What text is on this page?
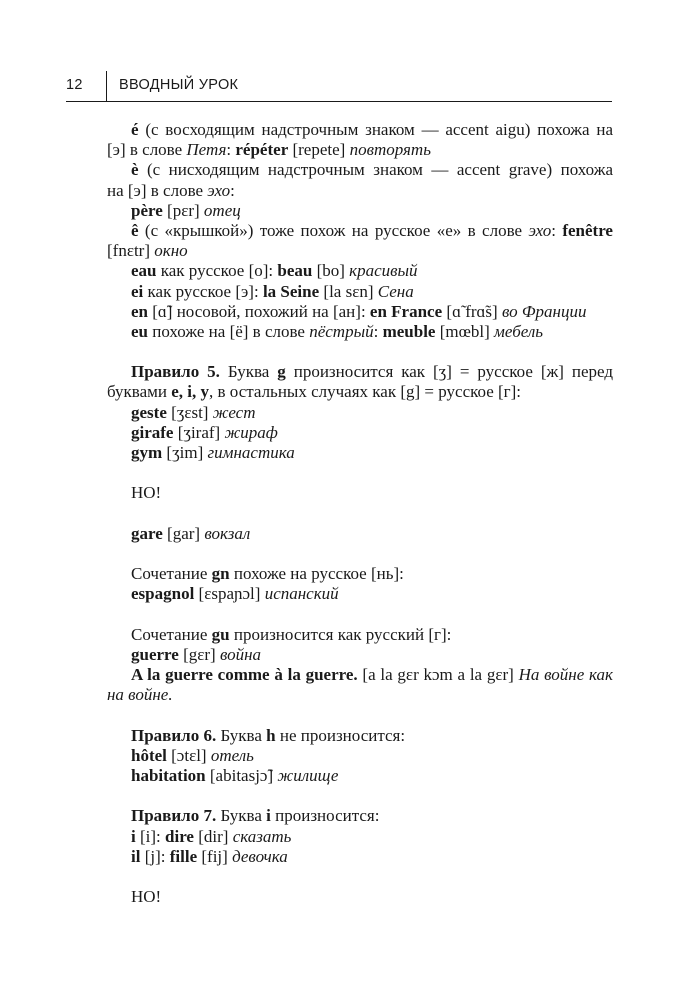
12	ВВОДНЫЙ УРОК
é (с восходящим надстрочным знаком — accent aigu) похожа на
[э] в слове Петя: répéter [repete] повторять
è (с нисходящим надстрочным знаком — accent grave) похожа
на [э] в слове эхо:
père [pɛr] отец
ê (с «крышкой») тоже похож на русское «е» в слове эхо: fenêtre
[fnɛtr] окно
eau как русское [о]: beau [bo] красивый
ei как русское [э]: la Seine [la sɛn] Сена
en [ɑ̃] носовой, похожий на [ан]: en France [ɑ̃ frɑ̃s] во Франции
eu похоже на [ё] в слове пёстрый: meuble [mœbl] мебель
Правило 5. Буква g произносится как [ʒ] = русское [ж] перед
буквами e, i, y, в остальных случаях как [g] = русское [г]:
geste [ʒɛst] жест
girafe [ʒiraf] жираф
gym [ʒim] гимнастика
НО!
gare [gar] вокзал
Сочетание gn похоже на русское [нь]:
espagnol [ɛspaɲɔl] испанский
Сочетание gu произносится как русский [г]:
guerre [gɛr] война
A la guerre comme à la guerre. [a la gɛr kɔm a la gɛr] На войне как
на войне.
Правило 6. Буква h не произносится:
hôtel [ɔtɛl] отель
habitation [abitasjɔ̃] жилище
Правило 7. Буква i произносится:
i [i]: dire [dir] сказать
il [j]: fille [fij] девочка
НО!
